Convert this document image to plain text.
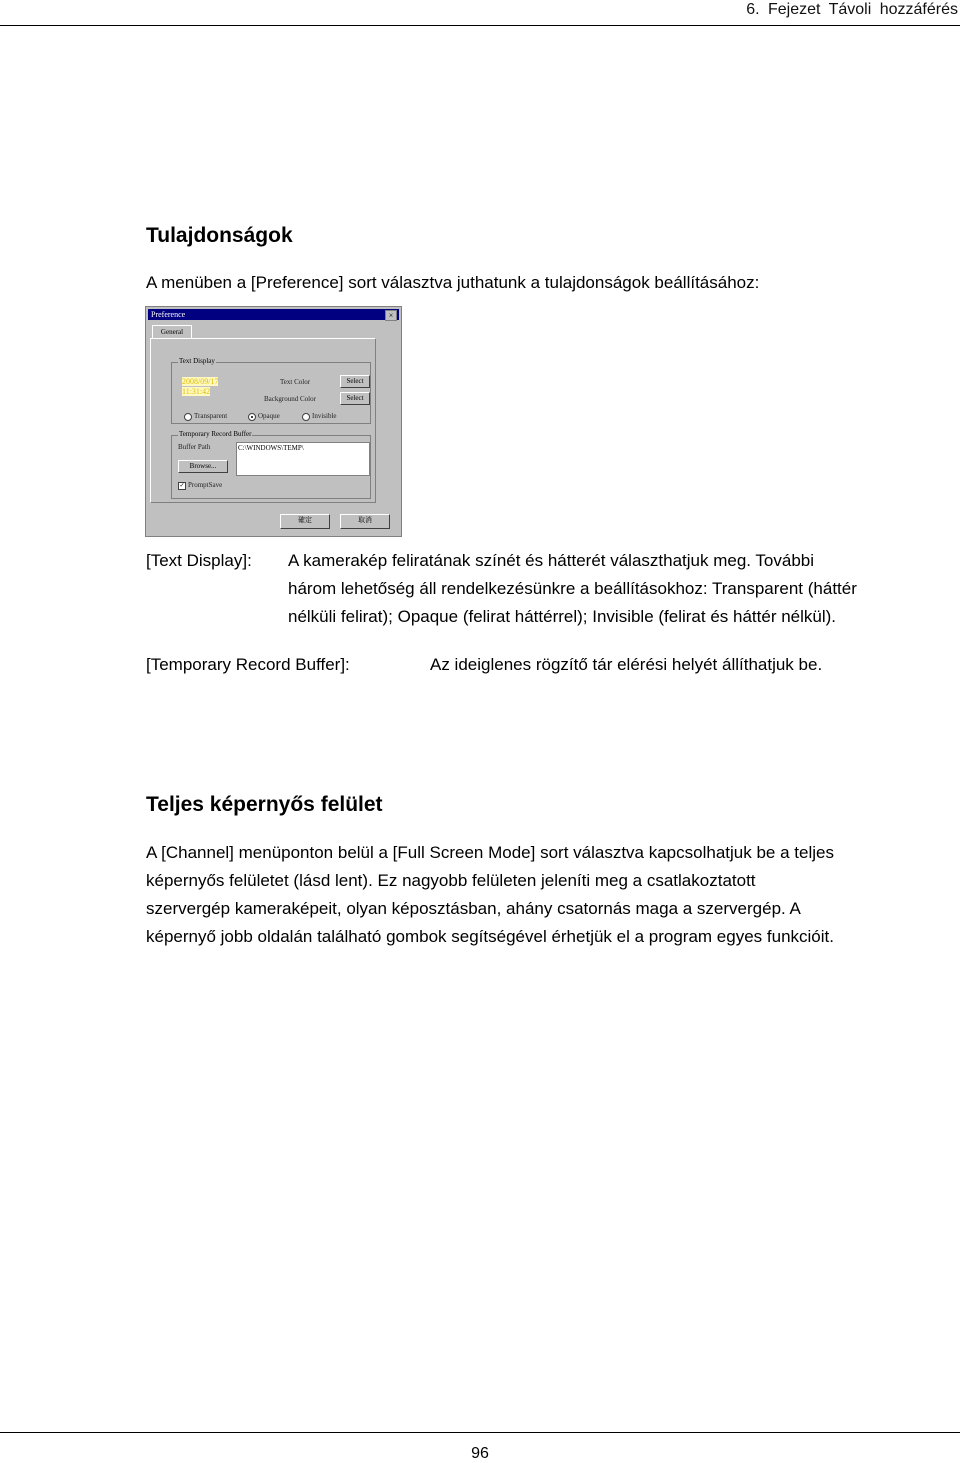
6. Fejezet Távoli hozzáférés
Tulajdonságok
A menüben a [Preference] sort választva juthatunk a tulajdonságok beállításához:
Preference	×
General
Text Display
2008/09/17
11:31:42
Text Color
Background Color
Select
Select
Transparent	Opaque	Invisible
Temporary Record Buffer
Buffer Path	C:\WINDOWS\TEMP\
Browse...
✓ PromptSave
確定	取消
[Text Display]: A kamerakép feliratának színét és hátterét választhatjuk meg. További
három lehetőség áll rendelkezésünkre a beállításokhoz: Transparent (háttér
nélküli felirat); Opaque (felirat háttérrel); Invisible (felirat és háttér nélkül).
[Temporary Record Buffer]:	Az ideiglenes rögzítő tár elérési helyét állíthatjuk be.
Teljes képernyős felület
A [Channel] menüponton belül a [Full Screen Mode] sort választva kapcsolhatjuk be a teljes
képernyős felületet (lásd lent). Ez nagyobb felületen jeleníti meg a csatlakoztatott
szervergép kameraképeit, olyan képosztásban, ahány csatornás maga a szervergép. A
képernyő jobb oldalán található gombok segítségével érhetjük el a program egyes funkcióit.
96
